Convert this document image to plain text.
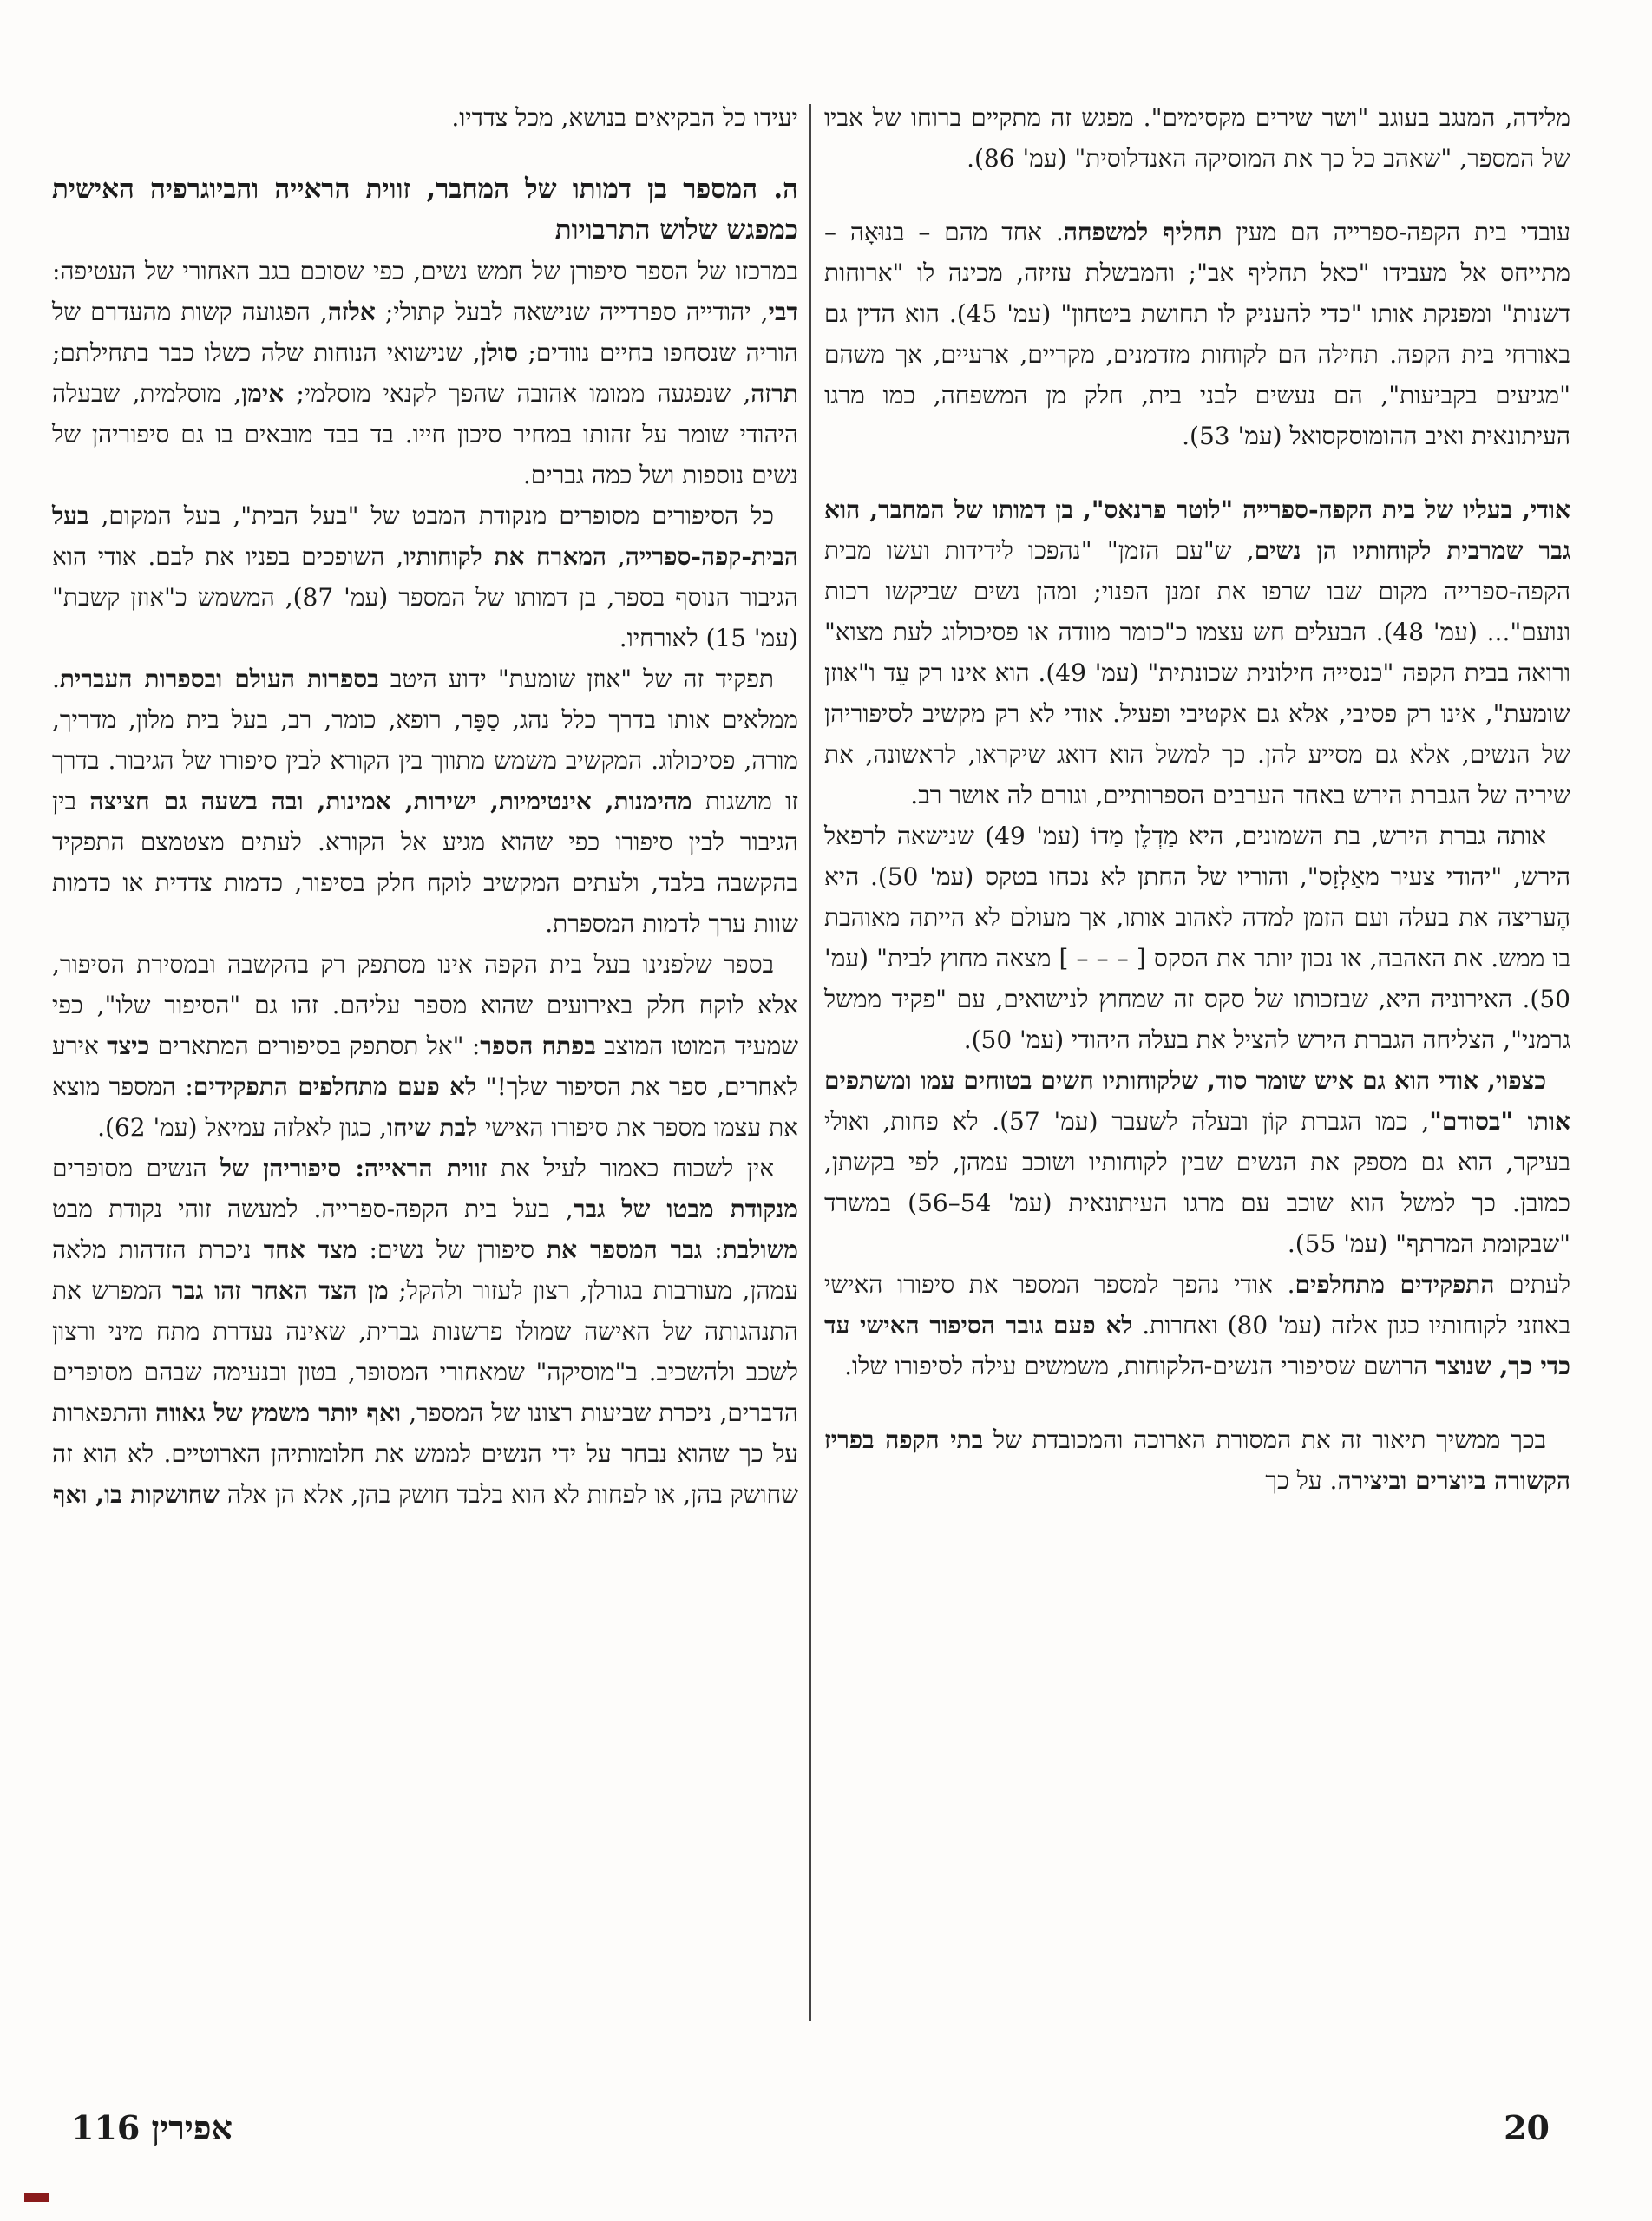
מלידה, המנגב בעוגב "ושר שירים מקסימים". מפגש זה מתקיים ברוחו של אביו של המספר, "שאהב כל כך את המוסיקה האנדלוסית" (עמ' 86).

עובדי בית הקפה-ספרייה הם מעין תחליף למשפחה. אחד מהם – בנוּאָה – מתייחס אל מעבידו "כאל תחליף אב"; והמבשלת עזיזה, מכינה לו "ארוחות דשנות" ומפנקת אותו "כדי להעניק לו תחושת ביטחון" (עמ' 45). הוא הדין גם באורחי בית הקפה. תחילה הם לקוחות מזדמנים, מקריים, ארעיים, אך משהם "מגיעים בקביעות", הם נעשים לבני בית, חלק מן המשפחה, כמו מרגו העיתונאית ואיב ההומוסקסואל (עמ' 53).

אודי, בעליו של בית הקפה-ספרייה "לוטר פרנאס", בן דמותו של המחבר, הוא גבר שמרבית לקוחותיו הן נשים, ש"עם הזמן" "נהפכו לידידות ועשו מבית הקפה-ספרייה מקום שבו שרפו את זמנן הפנוי; ומהן נשים שביקשו רכות ונועם"... (עמ' 48). הבעלים חש עצמו כ"כומר מוודה או פסיכולוג לעת מצוא" ורואה בבית הקפה "כנסייה חילונית שכונתית" (עמ' 49). הוא אינו רק עֵד ו"אוזן שומעת", אינו רק פסיבי, אלא גם אקטיבי ופעיל. אודי לא רק מקשיב לסיפוריהן של הנשים, אלא גם מסייע להן. כך למשל הוא דואג שיקראו, לראשונה, את שיריה של הגברת הירש באחד הערבים הספרותיים, וגורם לה אושר רב.

אותה גברת הירש, בת השמונים, היא מַדְלֶן מַדוֹ (עמ' 49) שנישאה לרפאל הירש, "יהודי צעיר מאַלְזָס", והוריו של החתן לא נכחו בטקס (עמ' 50). היא הֶעריצה את בעלה ועם הזמן למדה לאהוב אותו, אך מעולם לא הייתה מאוהבת בו ממש. את האהבה, או נכון יותר את הסקס [ – – – ] מצאה מחוץ לבית" (עמ' 50). האירוניה היא, שבזכותו של סקס זה שמחוץ לנישואים, עם "פקיד ממשל גרמני", הצליחה הגברת הירש להציל את בעלה היהודי (עמ' 50).

כצפוי, אודי הוא גם איש שומר סוד, שלקוחותיו חשים בטוחים עמו ומשתפים אותו "בסודם", כמו הגברת קוֹן ובעלה לשעבר (עמ' 57). לא פחות, ואולי בעיקר, הוא גם מספק את הנשים שבין לקוחותיו ושוכב עמהן, לפי בקשתן, כמובן. כך למשל הוא שוכב עם מרגו העיתונאית (עמ' 54–56) במשרד "שבקומת המרתף" (עמ' 55).

לעתים התפקידים מתחלפים. אודי נהפך למספר המספר את סיפורו האישי באוזני לקוחותיו כגון אלזה (עמ' 80) ואחרות. לא פעם גובר הסיפור האישי עד כדי כך, שנוצר הרושם שסיפורי הנשים-הלקוחות, משמשים עילה לסיפורו שלו.

בכך ממשיך תיאור זה את המסורת הארוכה והמכובדת של בתי הקפה בפריז הקשורה ביוצרים וביצירה. על כך

יעידו כל הבקיאים בנושא, מכל צדדיו.

ה. המספר בן דמותו של המחבר, זווית הראייה והביוגרפיה האישית כמפגש שלוש התרבויות

במרכזו של הספר סיפורן של חמש נשים, כפי שסוכם בגב האחורי של העטיפה: דבי, יהודייה ספרדייה שנישאה לבעל קתולי; אלזה, הפגועה קשות מהעדרם של הוריה שנסחפו בחיים נוודים; סולן, שנישואי הנוחות שלה כשלו כבר בתחילתם; תרזה, שנפגעה ממומו אהובה שהפך לקנאי מוסלמי; אימן, מוסלמית, שבעלה היהודי שומר על זהותו במחיר סיכון חייו. בד בבד מובאים בו גם סיפוריהן של נשים נוספות ושל כמה גברים.

כל הסיפורים מסופרים מנקודת המבט של "בעל הבית", בעל המקום, בעל הבית-קפה-ספרייה, המארח את לקוחותיו, השופכים בפניו את לבם. אודי הוא הגיבור הנוסף בספר, בן דמותו של המספר (עמ' 87), המשמש כ"אוזן קשבת" (עמ' 15) לאורחיו.

תפקיד זה של "אוזן שומעת" ידוע היטב בספרות העולם ובספרות העברית. ממלאים אותו בדרך כלל נהג, סַפָּר, רופא, כומר, רב, בעל בית מלון, מדריך, מורה, פסיכולוג. המקשיב משמש מתווך בין הקורא לבין סיפורו של הגיבור. בדרך זו מושגות מהימנות, אינטימיות, ישירות, אמינות, ובה בשעה גם חציצה בין הגיבור לבין סיפורו כפי שהוא מגיע אל הקורא. לעתים מצטמצם התפקיד בהקשבה בלבד, ולעתים המקשיב לוקח חלק בסיפור, כדמות צדדית או כדמות שוות ערך לדמות המספרת.

בספר שלפנינו בעל בית הקפה אינו מסתפק רק בהקשבה ובמסירת הסיפור, אלא לוקח חלק באירועים שהוא מספר עליהם. זהו גם "הסיפור שלו", כפי שמעיד המוטו המוצב בפתח הספר: "אל תסתפק בסיפורים המתארים כיצד אירע לאחרים, ספר את הסיפור שלך!" לא פעם מתחלפים התפקידים: המספר מוצא את עצמו מספר את סיפורו האישי לבת שיחו, כגון לאלזה עמיאל (עמ' 62).

אין לשכוח כאמור לעיל את זווית הראייה: סיפוריהן של הנשים מסופרים מנקודת מבטו של גבר, בעל בית הקפה-ספרייה. למעשה זוהי נקודת מבט משולבת: גבר המספר את סיפורן של נשים: מצד אחד ניכרת הזדהות מלאה עמהן, מעורבות בגורלן, רצון לעזור ולהקל; מן הצד האחר זהו גבר המפרש את התנהגותה של האישה שמולו פרשנות גברית, שאינה נעדרת מתח מיני ורצון לשכב ולהשכיב. ב"מוסיקה" שמאחורי המסופר, בטון ובנעימה שבהם מסופרים הדברים, ניכרת שביעות רצונו של המספר, ואף יותר משמץ של גאווה והתפארות על כך שהוא נבחר על ידי הנשים לממש את חלומותיהן הארוטיים. לא הוא זה שחושק בהן, או לפחות לא הוא בלבד חושק בהן, אלא הן אלה שחושקות בו, ואף

20
אפירין 116
